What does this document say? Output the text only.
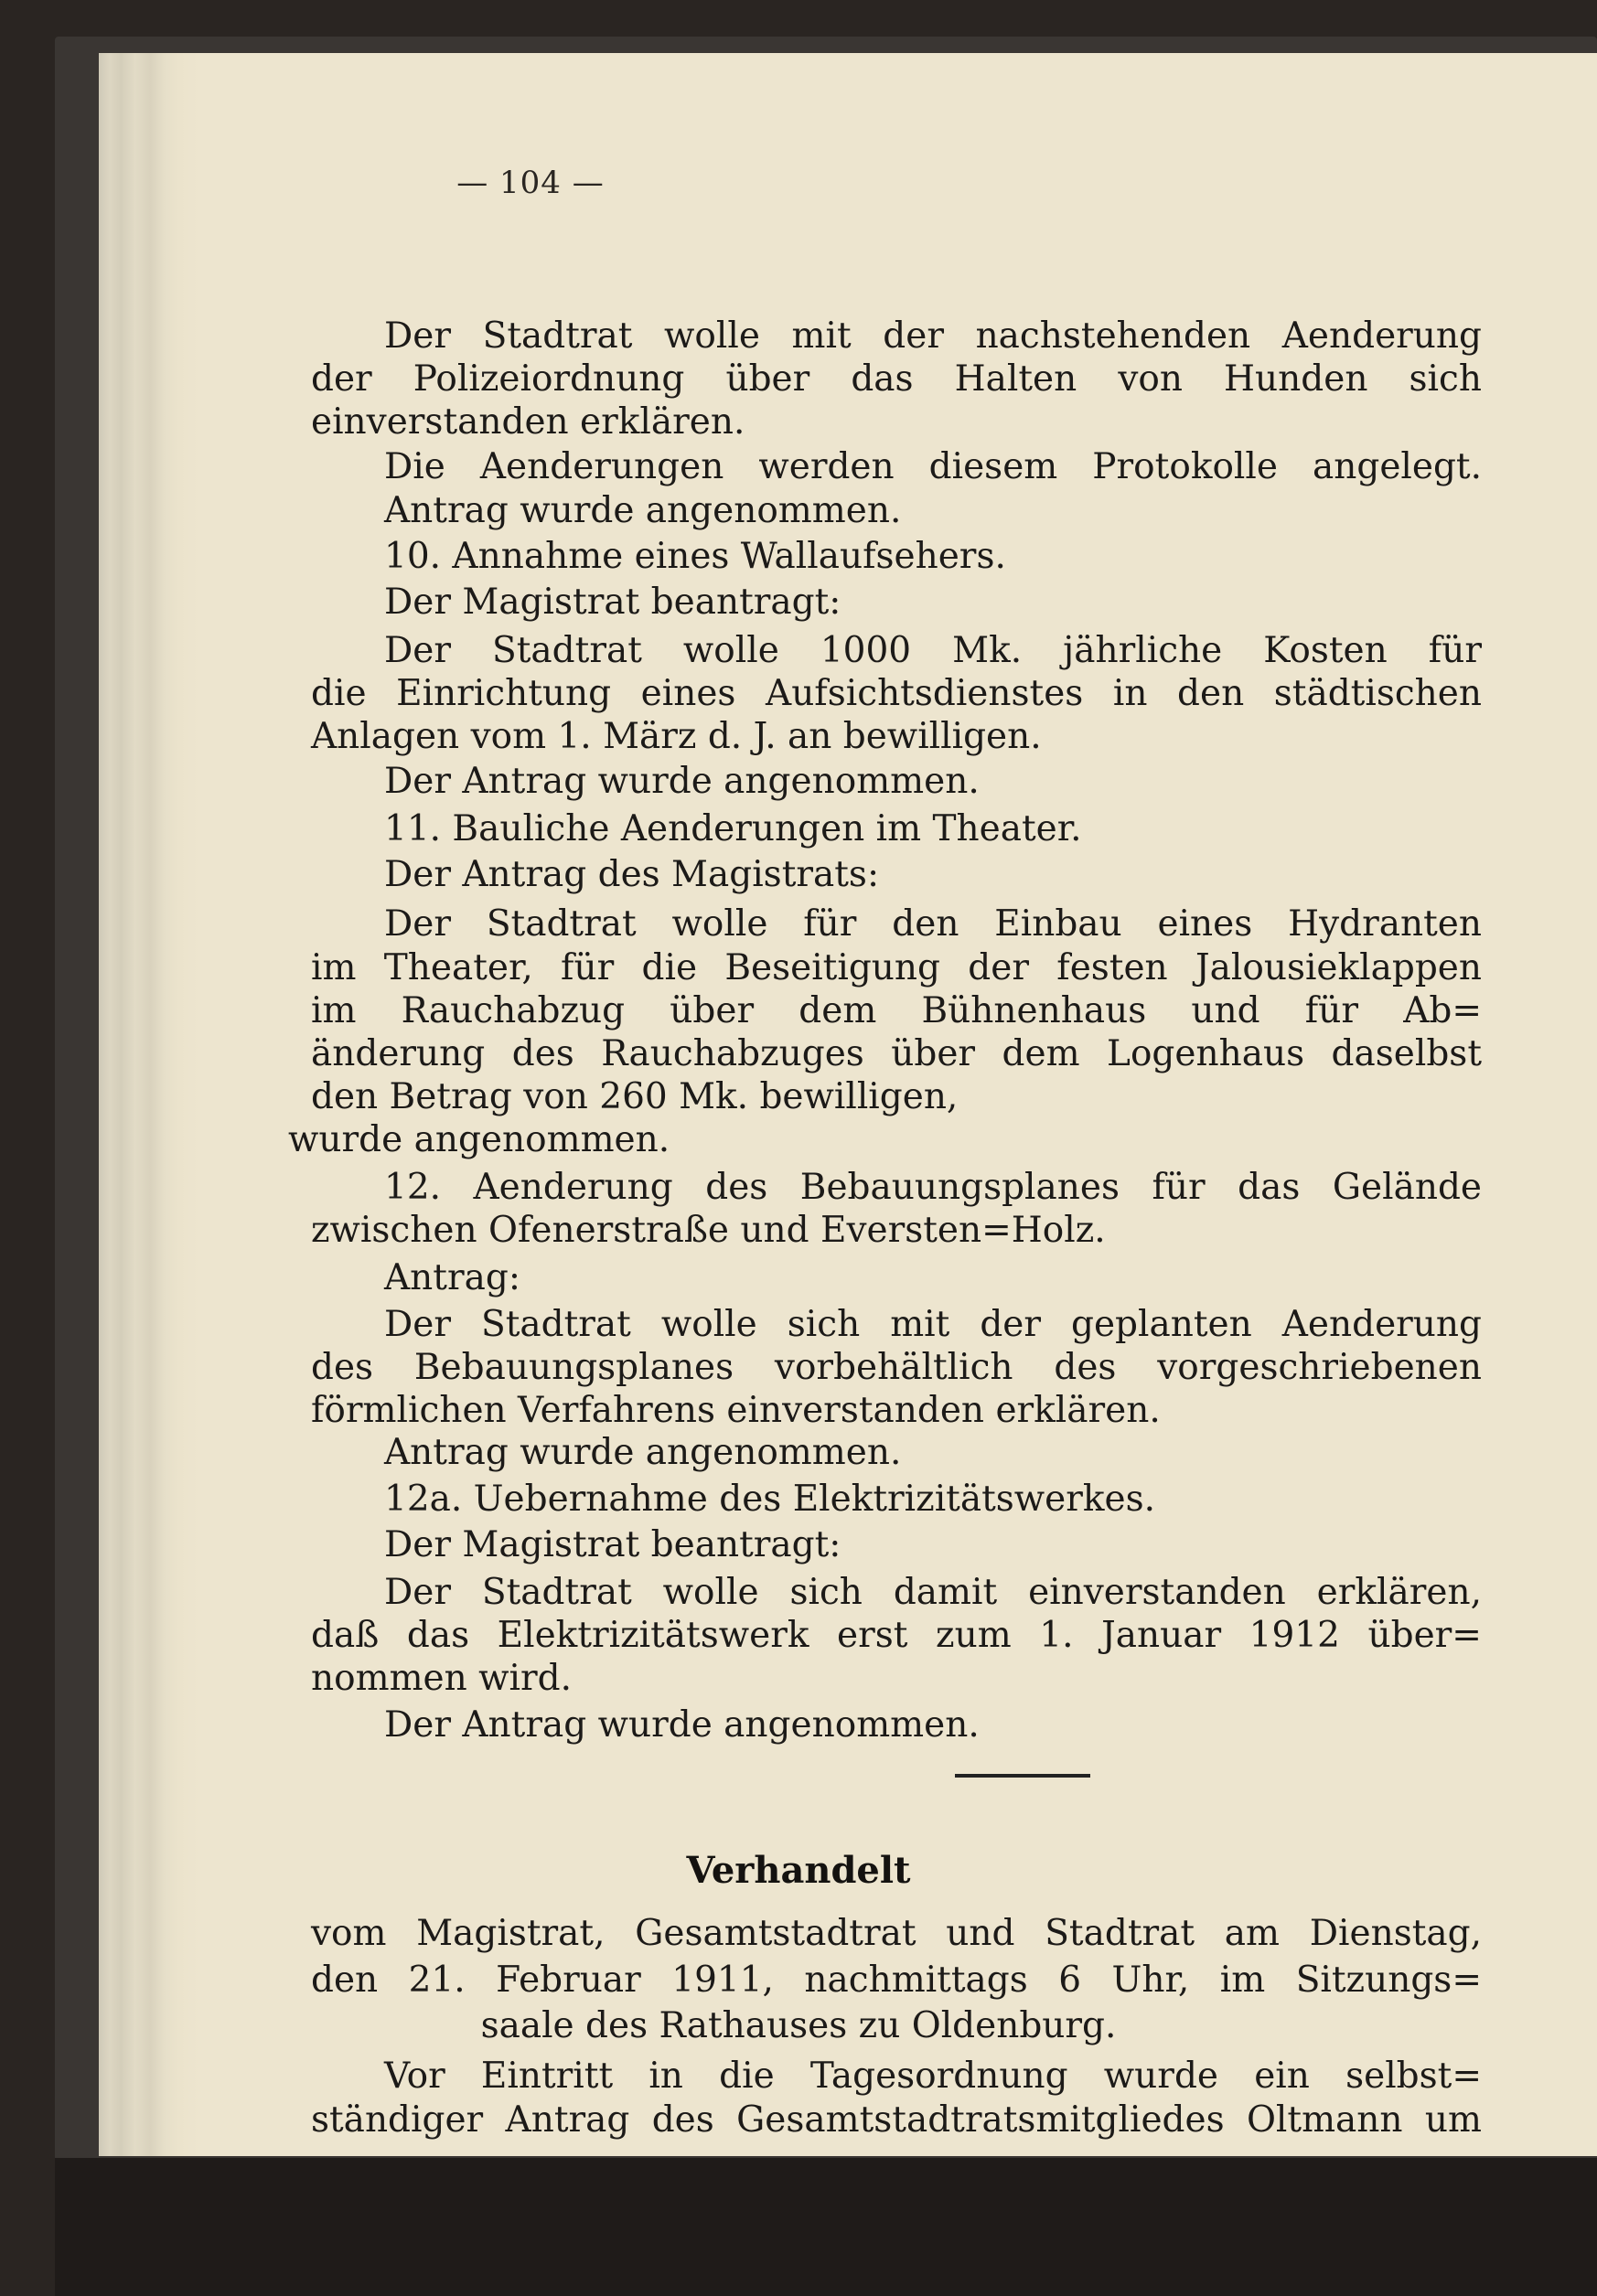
— 104 —
Der Stadtrat wolle mit der nachstehenden Aenderung
der Polizeiordnung über das Halten von Hunden sich
einverstanden erklären.
Die Aenderungen werden diesem Protokolle angelegt.
Antrag wurde angenommen.
10. Annahme eines Wallaufsehers.
Der Magistrat beantragt:
Der Stadtrat wolle 1000 Mk. jährliche Kosten für
die Einrichtung eines Aufsichtsdienstes in den städtischen
Anlagen vom 1. März d. J. an bewilligen.
Der Antrag wurde angenommen.
11. Bauliche Aenderungen im Theater.
Der Antrag des Magistrats:
Der Stadtrat wolle für den Einbau eines Hydranten
im Theater, für die Beseitigung der festen Jalousieklappen
im Rauchabzug über dem Bühnenhaus und für Ab=
änderung des Rauchabzuges über dem Logenhaus daselbst
den Betrag von 260 Mk. bewilligen,
wurde angenommen.
12. Aenderung des Bebauungsplanes für das Gelände
zwischen Ofenerstraße und Eversten=Holz.
Antrag:
Der Stadtrat wolle sich mit der geplanten Aenderung
des Bebauungsplanes vorbehältlich des vorgeschriebenen
förmlichen Verfahrens einverstanden erklären.
Antrag wurde angenommen.
12a. Uebernahme des Elektrizitätswerkes.
Der Magistrat beantragt:
Der Stadtrat wolle sich damit einverstanden erklären,
daß das Elektrizitätswerk erst zum 1. Januar 1912 über=
nommen wird.
Der Antrag wurde angenommen.
Verhandelt
vom Magistrat, Gesamtstadtrat und Stadtrat am Dienstag,
den 21. Februar 1911, nachmittags 6 Uhr, im Sitzungs=
saale des Rathauses zu Oldenburg.
Vor Eintritt in die Tagesordnung wurde ein selbst=
ständiger Antrag des Gesamtstadtratsmitgliedes Oltmann um
